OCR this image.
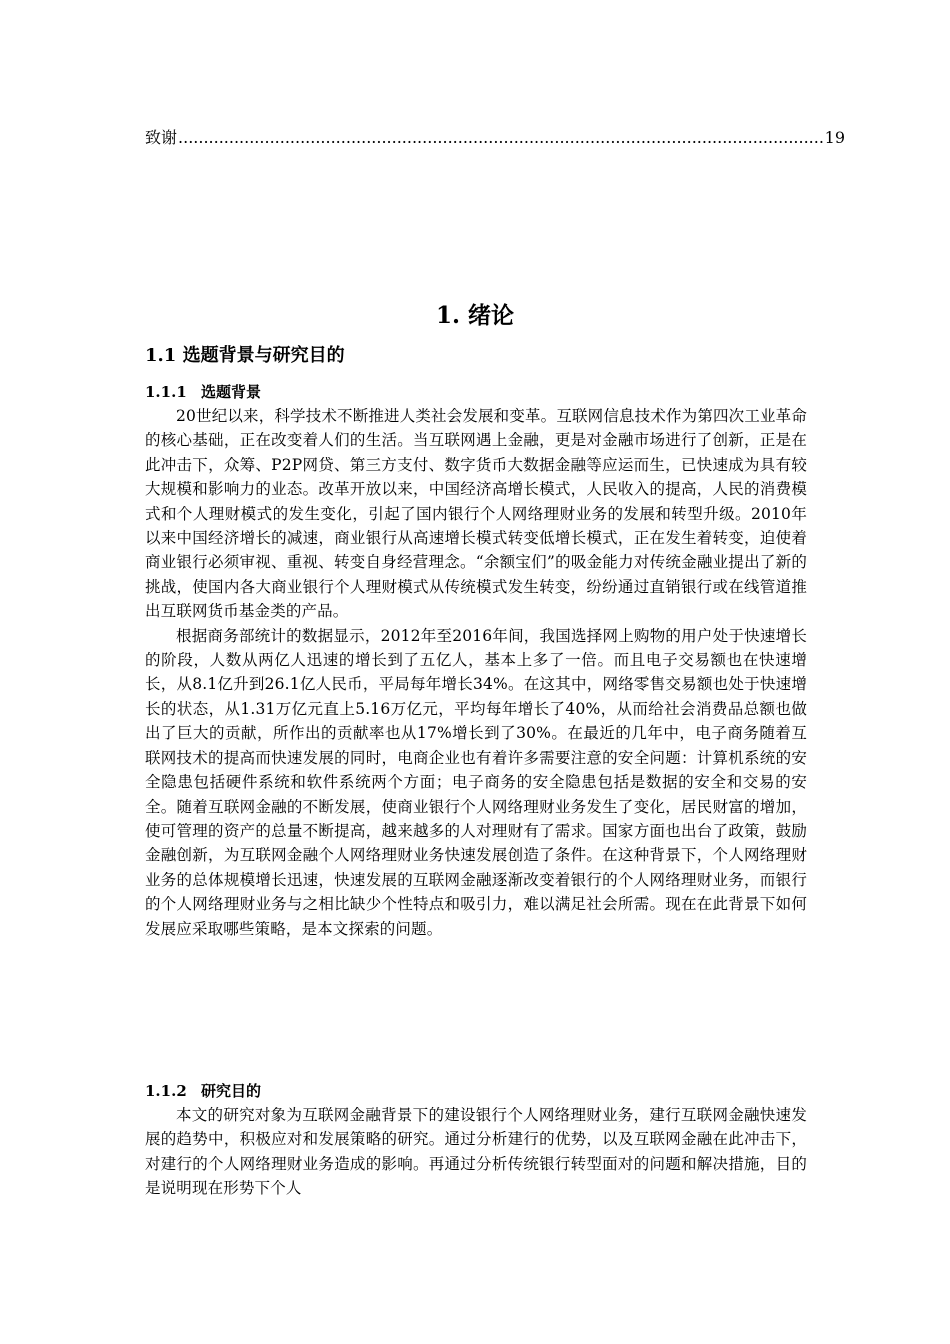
致谢
.....	19
1. 绪论
1.1 选题背景与研究目的
1.1.1 选题背景

20世纪以来，科学技术不断推进人类社会发展和变革。互联网信息技术作为第四次工业革命的核心基础，正在改变着人们的生活。当互联网遇上金融，更是对金融市场进行了创新，正是在此冲击下，众筹、P2P网贷、第三方支付、数字货币大数据金融等应运而生，已快速成为具有较大规模和影响力的业态。改革开放以来，中国经济高增长模式，人民收入的提高，人民的消费模式和个人理财模式的发生变化，引起了国内银行个人网络理财业务的发展和转型升级。2010年以来中国经济增长的减速，商业银行从高速增长模式转变低增长模式，正在发生着转变，迫使着商业银行必须审视、重视、转变自身经营理念。“余额宝们”的吸金能力对传统金融业提出了新的挑战，使国内各大商业银行个人理财模式从传统模式发生转变，纷纷通过直销银行或在线管道推出互联网货币基金类的产品。

根据商务部统计的数据显示，2012年至2016年间，我国选择网上购物的用户处于快速增长的阶段，人数从两亿人迅速的增长到了五亿人，基本上多了一倍。而且电子交易额也在快速增长，从8.1亿升到26.1亿人民币，平局每年增长34%。在这其中，网络零售交易额也处于快速增长的状态，从1.31万亿元直上5.16万亿元，平均每年增长了40%，从而给社会消费品总额也做出了巨大的贡献，所作出的贡献率也从17%增长到了30%。在最近的几年中，电子商务随着互联网技术的提高而快速发展的同时，电商企业也有着许多需要注意的安全问题：计算机系统的安全隐患包括硬件系统和软件系统两个方面；电子商务的安全隐患包括是数据的安全和交易的安全。随着互联网金融的不断发展，使商业银行个人网络理财业务发生了变化，居民财富的增加，使可管理的资产的总量不断提高，越来越多的人对理财有了需求。国家方面也出台了政策，鼓励金融创新，为互联网金融个人网络理财业务快速发展创造了条件。在这种背景下，个人网络理财业务的总体规模增长迅速，快速发展的互联网金融逐渐改变着银行的个人网络理财业务，而银行的个人网络理财业务与之相比缺少个性特点和吸引力，难以满足社会所需。现在在此背景下如何发展应采取哪些策略，是本文探索的问题。

1.1.2 研究目的

本文的研究对象为互联网金融背景下的建设银行个人网络理财业务，建行互联网金融快速发展的趋势中，积极应对和发展策略的研究。通过分析建行的优势，以及互联网金融在此冲击下，对建行的个人网络理财业务造成的影响。再通过分析传统银行转型面对的问题和解决措施，目的是说明现在形势下个人
